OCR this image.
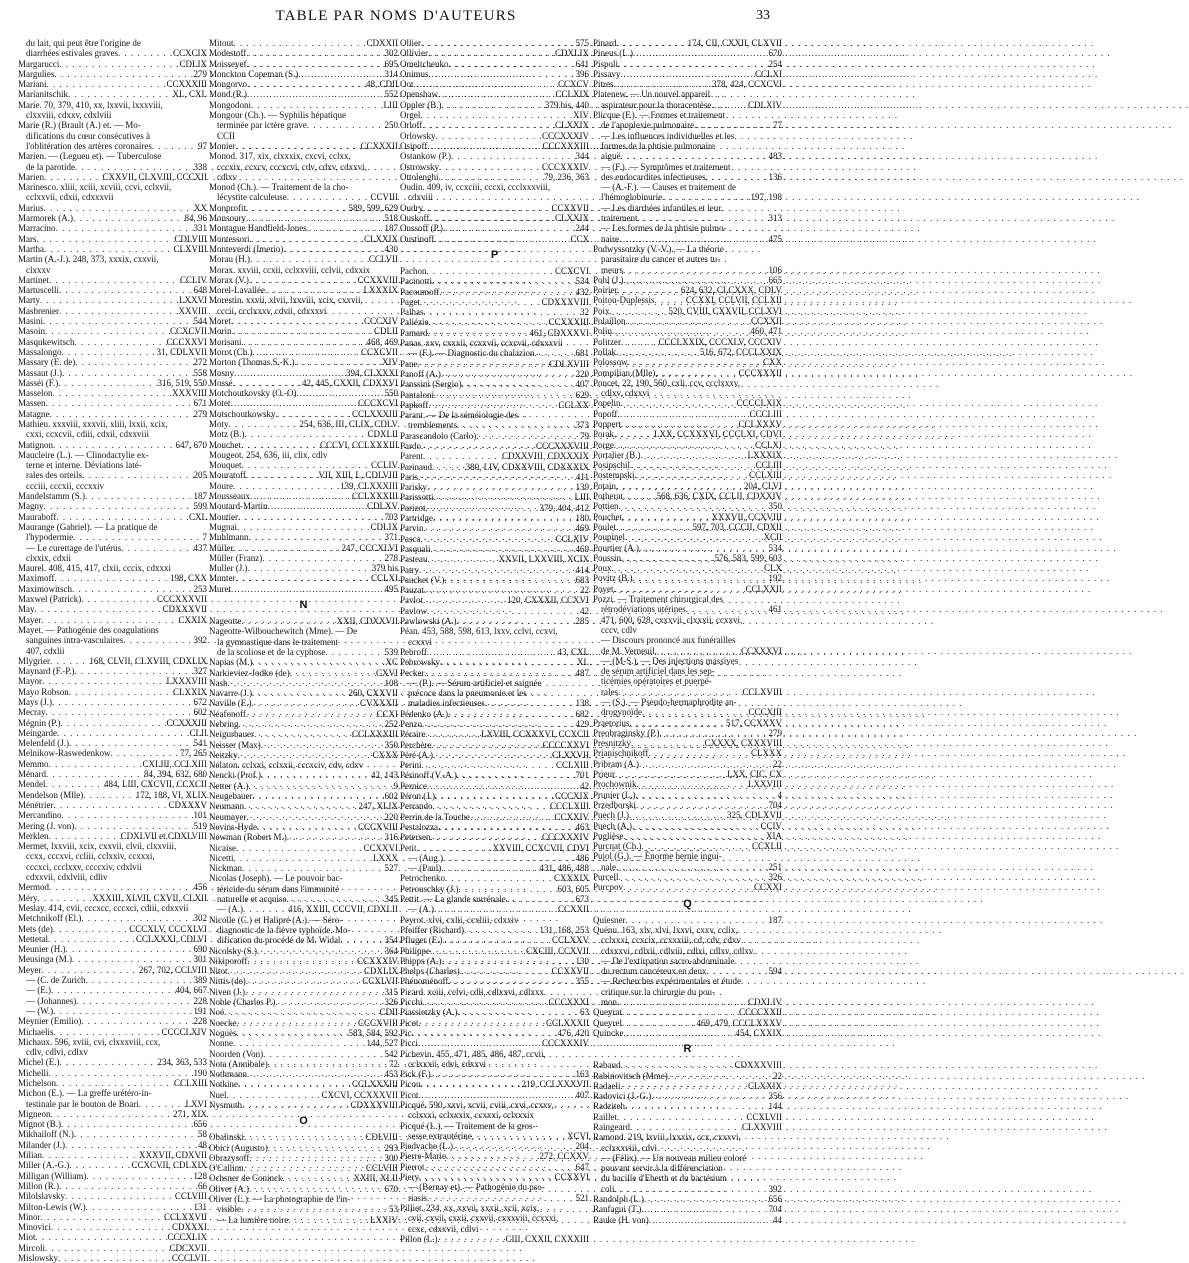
TABLE PAR NOMS D'AUTEURS	33
du lait, qui peut être l'origine de
diarrhées estivales graves . . .	CCXCIX
Margarucci . . .	CDLIX
Margulies . . .	279
Mariani . . .	CCXXXIII
Marianitschik . . .	XL, CXL
Marie. 70, 379, 410, xx, lxxvii, lxxxviii,
clxxviii, cdxxv, cdxlviii
Marie (R.) (Brault (A.) et. — Mo-
difications du cœur consécutives à
l'oblitération des artères coronaires . . .	97
Marien. — (Legueu et). — Tuberculose
de la parotide . . .	338
Marien . . .	CXXVII, CLXVIII, CCCXII
Marinesco. xliii, xciii, xcviii, ccvi, cclxvii,
cclxxvii, cdxii, cdxxxvii
Marius . . .	XX
Marmorek (A.) . . .	84, 96
Marracino . . .	331
Mars . . .	CDLVIII
Martha . . .	CLXVIII
Martin (A.-J.). 248, 373, xxxix, cxxvii,
clxxxv
Martinet . . .	CCLIV
Martuscelli . . .	648
Marty . . .	LXXVI
Masbrenier . . .	XXVIII
Masini . . .	544
Masoin . . .	CCXCVII
Masqukewitsch . . .	CCCXXVI
Massalongo . . .	31, CDLXVII
Massary (E. de) . . .	272
Massaut (J.) . . .	558
Masséi (F.) . . .	316, 519, 550
Masselon . . .	XXXVIII
Massen . . .	671
Matagne . . .	279
Mathieu. xxxviii, xxxvii, xliii, lxxii, xcix,
cxxi, ccxcvii, cdiii, cdxii, cdxxviii
Matignon . . .	647, 670
Maucleire (L.). — Clinodactylie ex-
terne et interne. Déviations laté-
rales des orteils . . .	205
ccciii, cccxii, cccxxiv
Mandelstamm (S.) . . .	187
Magny . . .	599
Mauraboff . . .	CXL
Maurange (Gabriel). — La pratique de
l'hypodermie . . .	7
— Le curettage de l'utérus . . .	437
clxxix, cdxii
Maurel. 408, 415, 417, clxii, cccix, cdxxxi
Maximoff . . .	198, CXX
Maximowitsch . . .	253
Maxwel (Patrick) . . .	CCCXXXVII
May . . .	CDXXXVII
Mayer . . .	CXXIX
Mayet. — Pathogénie des coagulations
sanguines intra-vasculaires . . .	392
407, cdxlii
Mlygrier . . .	168, CLVII, CLXVIII, CDXLIX
Maynard (F.-P.) . . .	327
Mayor . . .	LXXXVIII
Mayo Robson . . .	CLXXIX
Mays (J.) . . .	672
Mecray . . .	602
Mégnin (P.) . . .	CCXXXIII
Meingarde . . .	CLII
Melenfeld (J.) . . .	541
Melnikow-Raswedenkow . . .	77, 265
Memmo . . .	CXLIII, CCLXIII
Ménard . . .	84, 394, 632, 680
Mendel . . .	484, LIII, CXCVII, CCXCII
Mendelson (Mlle) . . .	172, 188, VI, XLIX
Ménétrier . . .	CDXXXV
Mercandino . . .	101
Mering (J. von) . . .	519
Merklen . . .	CDXLVII et CDXLVIII
Mermet, lxxviii, xcix, cxxvii, clvii, clxxviii,
ccxx, cccxvi, ccliii, cclxxiv, ccxxxi,
cccxci, ccclxxv, ccccxiv, cdxlvii
cdxxvii, cdxlviii, cdliv
Mermod . . .	456
Méry . . .	XXXIII, XLVII, CXVII, CLXII
Meslay. 414, cvii, cccxcc, cccxci, cdiii, cdxxvii
Metchnikoff (El.) . . .	302
Mets (de) . . .	CCCXLV, CCCXLVI
Mettetal . . .	CCLXXXI, CDLVI
Meunier (H.) . . .	690
Meusinga (M.) . . .	301
Meyer . . .	267, 702, CCLVIII
— (C. de Zurich . . .	389
— (E.) . . .	404, 667
— (Johannes) . . .	228
— (W.) . . .	191
Meynier (Emilio) . . .	228
Michaelis . . .	CCCCLXIV
Michaux. 596, xviii, cvi, clxxxviii, ccx,
cdlv, cdlvi, cdlxv
Michel (E.) . . .	234, 363, 533
Michelli . . .	190
Michelson . . .	CCLXIII
Michon (E.). — La greffe urétéro-in-
testinale par le bouton de Boari . . .	LXVI
Migneon . . .	271, XIX
Mignot (B.) . . .	656
Mikhailoff (N.) . . .	58
Milander (J.) . . .	48
Milian . . .	XXXVII, CDXVII
Miller (A.-G.) . . .	CCXCVII, CDLXIX
Milligan (William) . . .	128
Millon (R.) . . .	66
Milolslavsky . . .	CCLVIII
Milton-Lewis (W.) . . .	131
Minor . . .	CCLXXVII
Minovici . . .	CDXXXI
Miot . . .	CCCXLIX
Mircoli . . .	CDCXVII
Mislowsky . . .	CCCLVII
Mitout . . .	CDXXII
Modestoff . . .	302
Moisseyef . . .	695
Monckton Copeman (S.) . . .	314
Mongorvo . . .	48, CDII
Mond (R.) . . .	552
Mongodoni . . .	LIII
Mongour (Ch.). — Syphilis hépatique
terminée par ictère grave . . .	250
CCII
Monier . . .	CCXXXII
Monod. 317, xix, clxxxix, cxcvi, cclxx,
cccxix, ccxcv, cccxcvi, cdv, cdxv, cdxxvi,
cdlxv
Monod (Ch.). — Traitement de la cho-
lécystite calculeuse . . .	CCVIII
Monprofit . . .	589, 599, 629
Monsoury . . .	518
Montague Handfield-Jones . . .	187
Montessori . . .	CLXXIX
Monteverdi (Imerio) . . .	430
Morau (H.) . . .	CCLVII
Morax. xxviii, ccxii, cclxxviii, cclvii, cdxxix
Morax (V.) . . .	CCXXVIII
Morel-Lavallée . . .	LXXXIX
Morestin. xxvii, xlvii, lxxviii, xcix, cxxvii,
cccii, ccclxxxv, cdvii, cdxxxvi
Moret . . .	CCCXIV
Morin . . .	CDLII
Morisani . . .	468, 469
Morot (Ch.) . . .	CCXCVII
Morton (Thomas S.-K.) . . .	XIV
Mosny . . .	394, CLXXXI
Mossé . . .	42, 445, CXXII, CDXXVI
Motchoutkovsky (O.-O) . . .	550
Motet . . .	CCCXCVI
Motschoutkowsky . . .	CCLXXXIII
Moty . . .	254, 636, III, CLIX, CDLV
Motz (B.) . . .	CDXLII
Mouchet . . .	CCCVI, CCLXXXIII
Mougeot. 254, 636, iii, clix, cdlv
Mouquet . . .	CCLIV
Mouratoff . . .	VII, XIII, L, CDLVIII
Moure . . .	139, CLXXXIII
Mousseaux . . .	CCLXXXIII
Moutard-Martin . . .	CDLXV
Moutier . . .	703
Mugnai . . .	CDLIX
Muhlmann . . .	371
Müller . . .	247, CCCXLVI
Müller (Franz) . . .	278
Muller (J.) . . .	379 bis
Munter . . .	CCLXI
Muret . . .	495
N
Nageotte . . .	XXII, CDXXVII
Nageotte-Wilbouchewitch (Mme). — De
la gymnastique dans le traitement
de la scoliose et de la cyphose . . .	539
Napias (M.) . . .	XC
Narkieviez-Jodko (de) . . .	CXVI
Nash . . .	108
Navarre (J.) . . .	260, CXXVII
Naville (E.) . . .	CVXXXII
Néafonoff . . .	CCXI
Nebring . . .	252
Neigurbauer . . .	CCLXXXIII
Neisser (Max) . . .	350
Neitzky . . .	CXXX
Nélaton. cclxxi, cclxxii, cccxciv, cdv, cdxv
Nencki (Prof.) . . .	42, 143
Netter (A.) . . .	9
Neugebauer . . .	602
Neumann . . .	247, XLIX
Neumayer . . .	220
Nevins-Hyde . . .	CCCXVIII
Newman (Robert M.) . . .	316
Nicaise . . .	CCXXVI
Nicetti . . .	LXXX
Nickman . . .	527
Nicolas (Joseph). — Le pouvoir bac-
téricide du sérum dans l'immunité
naturelle et acquise . . .	345
— (A.) . . .	416, XXIII, CCCVII, CDXLII
Nicolle (C.) et Halipré (A.). — Séro-
diagnostic de la fièvre typhoïde. Mo-
dification du procédé de M. Widal . . .	354
Nicolsky (S.) . . .	364
Nikiporoff . . .	CCXXXIV
Nitot . . .	CDXLIX
Nittis (de) . . .	CCXLVII
Niven (J.) . . .	315
Noble (Charles P.) . . .	326
Noé . . .	CDII
Noecke . . .	CCCXVIII
Noguès . . .	583, 584, 592
Nonne . . .	144, 527
Noorden (Von) . . .	542
Nota (Annibale) . . .	72
Nothmann . . .	453
Notkine . . .	CCLXXXIII
Nuel . . .	CXCVI, CCXXXVII
Nysmuth . . .	CDXXXVIII
O
Obalinski . . .	CDLVIII
Obici (Augusto) . . .	293
Obrazysoff . . .	300
O'Callinn . . .	CCLVIII
Ochsner de Coninck . . .	XXIII, XLII
Oliver (A.) . . .	670
Oliver (L.). — La photographie de l'in-
visible . . .	53
— La lumière noire . . .	LXXIV
Ollier . . .	575
Ollivier . . .	CDXLIX
Omeltchenko . . .	641
Onimus . . .	396
Oot . . .	CCXCV
Openshaw . . .	CCLXIX
Oppler (B.) . . .	379 bis, 440
Orgel . . .	XIV
Orloff . . .	CLXXIX
Orlowsky . . .	CCCXXXIV
Osipoff . . .	CCCXXXIII
Ostankow (P.) . . .	344
Ostrowsky . . .	CCCXXXIV
Ottolenghi . . .	79, 236, 363
Oudin. 409, iv, ccxciii, cccxi, ccclxxxviii,
cdxviii
Oudry . . .	CCXXVII
Ouskoff . . .	CLXXIX
Oussoff (P.) . . .	244
Oustinoff . . .	CCX
P
Pachon . . .	CCXCVI
Pacinotti . . .	534
Pacoumoff . . .	432
Paget . . .	CDXXXVIII
Palhas . . .	32
Paliézie . . .	CCXXXIII
Pamard . . .	461, CDXXXVI
Panas. xxv, cxxxii, ccxxvii, ccxcvii, cdxxxvii
— (F.). — Diagnostic du chalazion . . .	681
Pane . . .	CDLXVIII
Panoff (A.) . . .	220
Panssini (Sergio) . . .	407
Pantaloni . . .	629
Papkoff . . .	CCLXX
Parant. — De la séméiologie des
tremblements . . .	373
Parascandolo (Carlo) . . .	79
Pardo . . .	CCCXXXVIII
Parent . . .	CDXXVIII, CDXXXIX
Parinaud . . .	380, LIV, CDXXVIII, CDXXXIX
Paris . . .	411
Parisky . . .	139
Parissotti . . .	LIII
Parizot . . .	379, 404, 412
Partridge . . .	180
Parvin . . .	469
Pasca . . .	CCLXIV
Pasquali . . .	469
Pasteau . . .	XXVII, LXXVIII, XCIX
Patry . . .	414
Pauchet (V.) . . .	683
Pauzat . . .	22
Pavlot . . .	120, CXXXII, CCXVI
Pavlow . . .	42
Pawlowski (A.) . . .	285
Péan. 453, 588, 598, 613, lxxv, cclvi, ccxvi,
ccxxvi
Pebroff . . .	43, CXL
Pebrowsky . . .	XL
Pecker . . .	487
— (P.). — Sérum artificiel et saignée
précoce dans la pneumonie et les
maladies infectieuses . . .	138
Pédenko (A.) . . .	682
Penzo . . .	429
Péraire . . .	LXVIII, CCXXXVI, CCXCII
Perchère . . .	CCCCXXVI
Péré (A.) . . .	CLXXVII
Perini . . .	CCLXIII
Périnoff (V.-A.) . . .	701
Pernice . . .	42
Péron (J.) . . .	CCCXIX
Perrando . . .	CCCLXIII
Perrin de la Touche . . .	CCXXIV
Pestalozza . . .	463
Petersen . . .	CCCXXXIV
Petit . . .	XXVIII, CCXCVII, CDVI
— (Aug.) . . .	486
— (Paul) . . .	431, 486, 488
Petrochenko . . .	CXXXIX
Petrouschky (J.) . . .	603, 605
Pettit. — La glande surrénale . . .	673
— (A.) . . .	CCXXII
Peyrot. xlvi, cxlii, ccxliii, cdxxiv
Pfeiffer (Richard) . . .	131, 168, 253
Pfluger (E.) . . .	CCLXXV
Philippe . . .	CXCIII, CCXVII
Phipps (A.) . . .	130
Phelps (Charles) . . .	CCXXVII
Phénoménoff . . .	355
Picard. xciii, cclvi, cdli, cdlxxvi, cdlxxx
Picchi . . .	CCCXXXI
Piassietzky (A.) . . .	63
Picot . . .	CCLXXXII
Pic . . .	476, 420
Picci . . .	CCCXXXIV
Pichevin. 455, 471, 485, 486, 487, ccvii,
cclxxxii, cdvi, cdxxvi
Pick (F.) . . .	163
Picou . . .	219, CCLXXXVII
Picot . . .	407
Picqué. 590, xxvi, xcvii, cviii, cxvi, ccxxv,
cclxxxi, cclxxxix, ccxxxi, cclxxxix
Picqué (L.). — Traitement de la gros-
sesse extrautérine . . .	XCVI
Piedvache (L.) . . .	204
Pierre-Marie . . .	272, CCXXV
Pierrot . . .	647
Piery . . .	CCXXVI
— (Bernay et). — Pathogénie du pso-
riasis . . .	521
Pilliet. 234, xx, xxvii, xxxii, xcii, xcix,
cvii, cxvii, cxxii, cxxvii, cxxxviii, ccxxxi,
ccxc, cdxxvii, cdlvi
Pillon (L.) . . .	CIII, CXXII, CXXXIII
Pinard . . .	174, CII, CXXII, CLXVII
Pineus (L.) . . .	670
Pispoli . . .	254
Pissavy . . .	CCLXI
Pitres . . .	378, 424, CCXCVI
Platenew. — Un nouvel appareil
aspirateur pour la thoracentèse . . .	CDLXIV
Plicque (F.). — Formes et traitement
de l'apoplexie pulmonaire . . .	77
— Les influences individuelles et les
formes de la phtisie pulmonaire
aiguë . . .	483
— (F.). — Symptômes et traitement
des endocardites infectieuses . . .	136
— (A.-F.). — Causes et traitement de
l'hémoglobinurie . . .	197, 198
— Les diarrhées infantiles et leur
traitement . . .	313
— Les formes de la phtisie pulmo-
naire . . .	475
Podwyssotzky (V.-V.). — La théorie
parasitaire du cancer et autres tu-
meurs . . .	106
Pohl (J.) . . .	665
Poirier . . .	624, 632, CLCXXX, CDLV
Poitou-Duplessis . . .	CCXXI, CCLVII, CCLXII
Poix . . .	520, CVIII, CXXVII, CCLXVI
Polaillon . . .	CCXXII
Polin . . .	460, 471
Politzer . . .	CCCLXXIX, CCCXLV, CCCXIV
Pollak . . .	516, 672, CCCLXXIX
Polossow . . .	CXX
Pompilian (Mlle) . . .	CCCXXXII
Poncet. 22, 190, 560, cxli, ccv, ccclxxxv,
cdlxv, cdxxvi
Popelin . . .	CCCCLXIX
Popoff . . .	CCCLIII
Poppert . . .	CCLXXXV
Porak . . .	LXX, CCXXXVI, CCCLXI, CDVI
Porge . . .	CCLXI
Portalier (B.) . . .	LXXXIX
Posipschil . . .	CCLIII
Postempski . . .	CCLXIII
Potain . . .	204, CLVI
Potherat . . .	568, 636, CXIX, CCLII, CDXXIV
Pottien . . .	350
Pouchet . . .	XXXVII, CCXVIII
Poulet . . .	597, 703, CCCII, CDXII
Poupinel . . .	XCII
Pourtier (A.) . . .	534
Poussin . . .	576, 583, 599, 603
Poux . . .	CLX
Povitz (B.) . . .	192
Poyet . . .	CCLXXII
Pozzi. — Traitement chirurgical des
rétrodéviations utérines . . .	461
471, 600, 628, cxxxvii, clxxxii, ccxxvi,
cccv, cdlv
— Discours prononcé aux funérailles
de M. Verneuil . . .	CCXXXVI
— (M-S.). — Des injections massives
de sérum artificiel dans les sep-
ticémies opératoires et puerpé-
rales . . .	CCLXVIII
— (S.). — Pseudo-hermaphrodite an-
drogynoïde . . .	CCCXIII
Praetorius . . .	517, CCXXXV
Preobraginsky (P.) . . .	279
Presnitzky . . .	CXXXX, CXXXVIII
Prianischnikoff . . .	CLXXX
Pribram (A.) . . .	22
Prieur . . .	LXX, CIC, CX
Prochownik . . .	LXXVIII
Prunier (L.) . . .	4
Przedborski . . .	704
Puech (J.) . . .	325, CDLXVII
Puech (A.) . . .	CCIV
Puglièse . . .	XIA
Purcnat (Ch.) . . .	CCXLII
Pujol (G.). — Énorme hernie ingui-
nale . . .	251
Purcell . . .	326
Purcpov . . .	CCXXI
Q
Quiesner . . .	187
Quénu. 163, xlv, xlvi, lxxvi, cxxv, cclix,
cclxxxi, ccxcix, ccxxxiii, cd, cdv, cdxv
cdxxxvi, cdlxii, cdlviii, cdlxi, cdlxv, cdlxv.
— De l'extirpation sacro-abdominale
du rectum cancéreux en deux . . .	594
— Recherches expérimentales et étude
critique sur la chirurgie du pou-
mon . . .	CDXLIV
Queyrat . . .	CCCCXXII
Queyrel . . .	469, 479, CCCLXXXV
Quincke . . .	454, CXXIX
R
Rabaud . . .	CDXXXVIII
Rabinovitsch (Mme) . . .	22
Radaeli . . .	CLXXIX
Radovici (J.-G.) . . .	356
Radziteh . . .	144
Raillet . . .	CCXLVII
Raingeard . . .	CLXXVIII
Ramond. 219, lxviii, lxxxix, ccx, cxxxvi,
cclxxxviii, cdvi
— (Félix). — Un nouveau milieu coloré
pouvant servir à la différenciation
du bacille d'Eberth et du bactérium
coli . . .	392
Randolph (L.) . . .	656
Ranfagui (T.) . . .	704
Rauke (H. von) . . .	44
